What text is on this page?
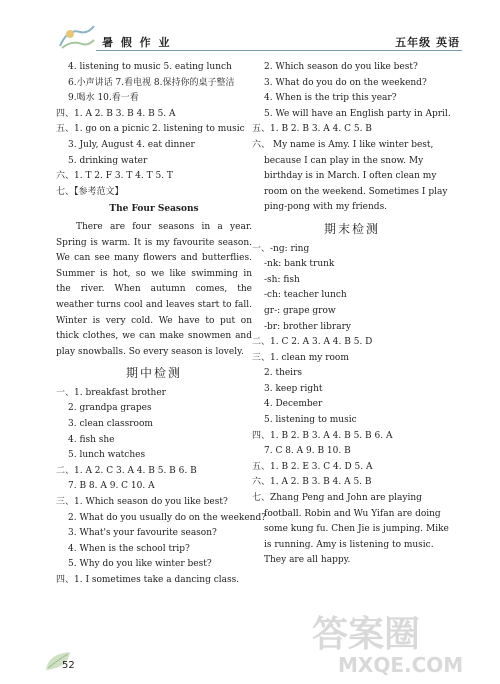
暑 假 作 业	五年级 英语
4. listening to music 5. eating lunch
6.小声讲话 7.看电视 8.保持你的桌子整洁
9.喝水 10.看一看
四、1. A 2. B 3. B 4. B 5. A
五、1. go on a picnic 2. listening to music
3. July, August 4. eat dinner
5. drinking water
六、1. T 2. F 3. T 4. T 5. T
七、【参考范文】
The Four Seasons
There are four seasons in a year. Spring is warm. It is my favourite season. We can see many flowers and butterflies. Summer is hot, so we like swimming in the river. When autumn comes, the weather turns cool and leaves start to fall. Winter is very cold. We have to put on thick clothes, we can make snowmen and play snowballs. So every season is lovely.
期中检测
一、1. breakfast brother
2. grandpa grapes
3. clean classroom
4. fish she
5. lunch watches
二、1. A 2. C 3. A 4. B 5. B 6. B
7. B 8. A 9. C 10. A
三、1. Which season do you like best?
2. What do you usually do on the weekend?
3. What's your favourite season?
4. When is the school trip?
5. Why do you like winter best?
四、1. I sometimes take a dancing class.
2. Which season do you like best?
3. What do you do on the weekend?
4. When is the trip this year?
5. We will have an English party in April.
五、1. B 2. B 3. A 4. C 5. B
六、 My name is Amy. I like winter best, because I can play in the snow. My birthday is in March. I often clean my room on the weekend. Sometimes I play ping-pong with my friends.
期末检测
一、-ng: ring
-nk: bank trunk
-sh: fish
-ch: teacher lunch
gr-: grape grow
-br: brother library
二、1. C 2. A 3. A 4. B 5. D
三、1. clean my room
2. theirs
3. keep right
4. December
5. listening to music
四、1. B 2. B 3. A 4. B 5. B 6. A
7. C 8. A 9. B 10. B
五、1. B 2. E 3. C 4. D 5. A
六、1. A 2. B 3. B 4. A 5. B
七、Zhang Peng and John are playing football. Robin and Wu Yifan are doing some kung fu. Chen Jie is jumping. Mike is running. Amy is listening to music. They are all happy.
52
答案圈
MXQE.COM
